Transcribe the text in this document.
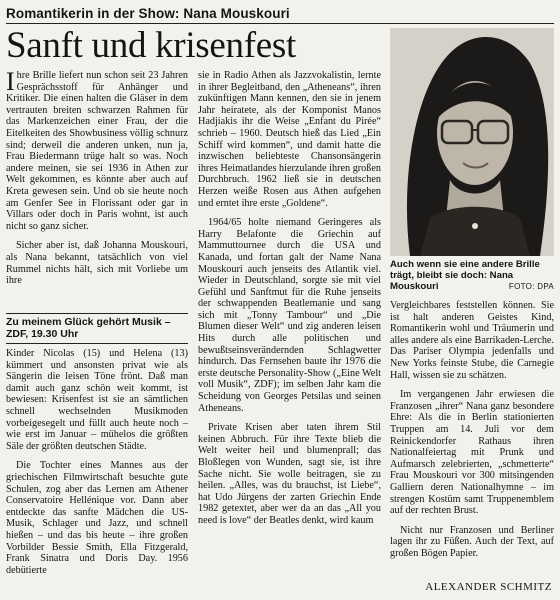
Romantikerin in der Show: Nana Mouskouri
Sanft und krisenfest

Ihre Brille liefert nun schon seit 23 Jahren Gesprächsstoff für Anhänger und Kritiker. Die einen halten die Gläser in dem vertrauten breiten schwarzen Rahmen für das Markenzeichen einer Frau, der die Eitelkeiten des Showbusiness völlig schnurz sind; derweil die anderen unken, nun ja, Frau Biedermann trüge halt so was. Noch andere meinen, sie sei 1936 in Athen zur Welt gekommen, es könnte aber auch auf Kreta gewesen sein. Und ob sie heute noch am Genfer See in Florissant oder gar in Villars oder doch in Paris wohnt, ist auch nicht so ganz sicher.

Sicher aber ist, daß Johanna Mouskouri, als Nana bekannt, tatsächlich von viel Rummel nichts hält, sich mit Vorliebe um ihre

Zu meinem Glück gehört Musik – ZDF, 19.30 Uhr

Kinder Nicolas (15) und Helena (13) kümmert und ansonsten privat wie als Sängerin die leisen Töne frönt. Daß man damit auch ganz schön weit kommt, ist bewiesen: Krisenfest ist sie an sämtlichen schnell wechselnden Musikmoden vorbeigesegelt und füllt auch heute noch – wie erst im Januar – mühelos die größten Säle der größten deutschen Städte.

Die Tochter eines Mannes aus der griechischen Filmwirtschaft besuchte gute Schulen, zog aber das Lernen am Athener Conservatoire Hellénique vor. Dann aber entdeckte das sanfte Mädchen die US-Musik, Schlager und Jazz, und schnell hießen – und das bis heute – ihre großen Vorbilder Bessie Smith, Ella Fitzgerald, Frank Sinatra und Doris Day. 1956 debütierte

sie in Radio Athen als Jazzvokalistin, lernte in ihrer Begleitband, den „Atheneans“, ihren zukünftigen Mann kennen, den sie in jenem Jahr heiratete, als der Komponist Manos Hadjiakis ihr die Weise „Enfant du Pirée“ schrieb – 1960. Deutsch hieß das Lied „Ein Schiff wird kommen“, und damit hatte die inzwischen beliebteste Chansonsängerin ihres Heimatlandes hierzulande ihren großen Durchbruch. 1962 ließ sie in deutschen Herzen weiße Rosen aus Athen aufgehen und erntet ihre erste „Goldene“.

1964/65 holte niemand Geringeres als Harry Belafonte die Griechin auf Mammuttournee durch die USA und Kanada, und fortan galt der Name Nana Mouskouri auch jenseits des Atlantik viel. Wieder in Deutschland, sorgte sie mit viel Gefühl und Sanftmut für die Ruhe jenseits der schwappenden Beatlemanie und sang sich mit „Tonny Tambour“ und „Die Blumen dieser Welt“ und zig anderen leisen Hits durch alle politischen und bewußtseinsverändernden Schlagwetter hindurch. Das Fernsehen baute ihr 1976 die erste deutsche Personality-Show („Eine Welt voll Musik“, ZDF); im selben Jahr kam die Scheidung von Georges Petsilas und seinen Atheneans.

Private Krisen aber taten ihrem Stil keinen Abbruch. Für ihre Texte blieb die Welt weiter heil und blumenprall; das Bloßlegen von Wunden, sagt sie, ist ihre Sache nicht. Sie wolle beitragen, sie zu heilen. „Alles, was du brauchst, ist Liebe“, hat Udo Jürgens der zarten Griechin Ende 1982 getextet, aber wer da an das „All you need is love“ der Beatles denkt, wird kaum

Auch wenn sie eine andere Brille trägt, bleibt sie doch: Nana Mouskouri	FOTO: DPA

Vergleichbares feststellen können. Sie ist halt anderen Geistes Kind, Romantikerin wohl und Träumerin und alles andere als eine Barrikaden-Lerche. Das Pariser Olympia jedenfalls und New Yorks feinste Stube, die Carnegie Hall, wissen sie zu schätzen.

Im vergangenen Jahr erwiesen die Franzosen „ihrer“ Nana ganz besondere Ehre: Als die in Berlin stationierten Truppen am 14. Juli vor dem Reinickendorfer Rathaus ihren Nationalfeiertag mit Prunk und Aufmarsch zelebrierten, „schmetterte“ Frau Mouskouri vor 300 mitsingenden Galliern deren Nationalhymne – im strengen Kostüm samt Truppenemblem auf der rechten Brust.

Nicht nur Franzosen und Berliner lagen ihr zu Füßen. Auch der Text, auf großen Bögen Papier.

ALEXANDER SCHMITZ
